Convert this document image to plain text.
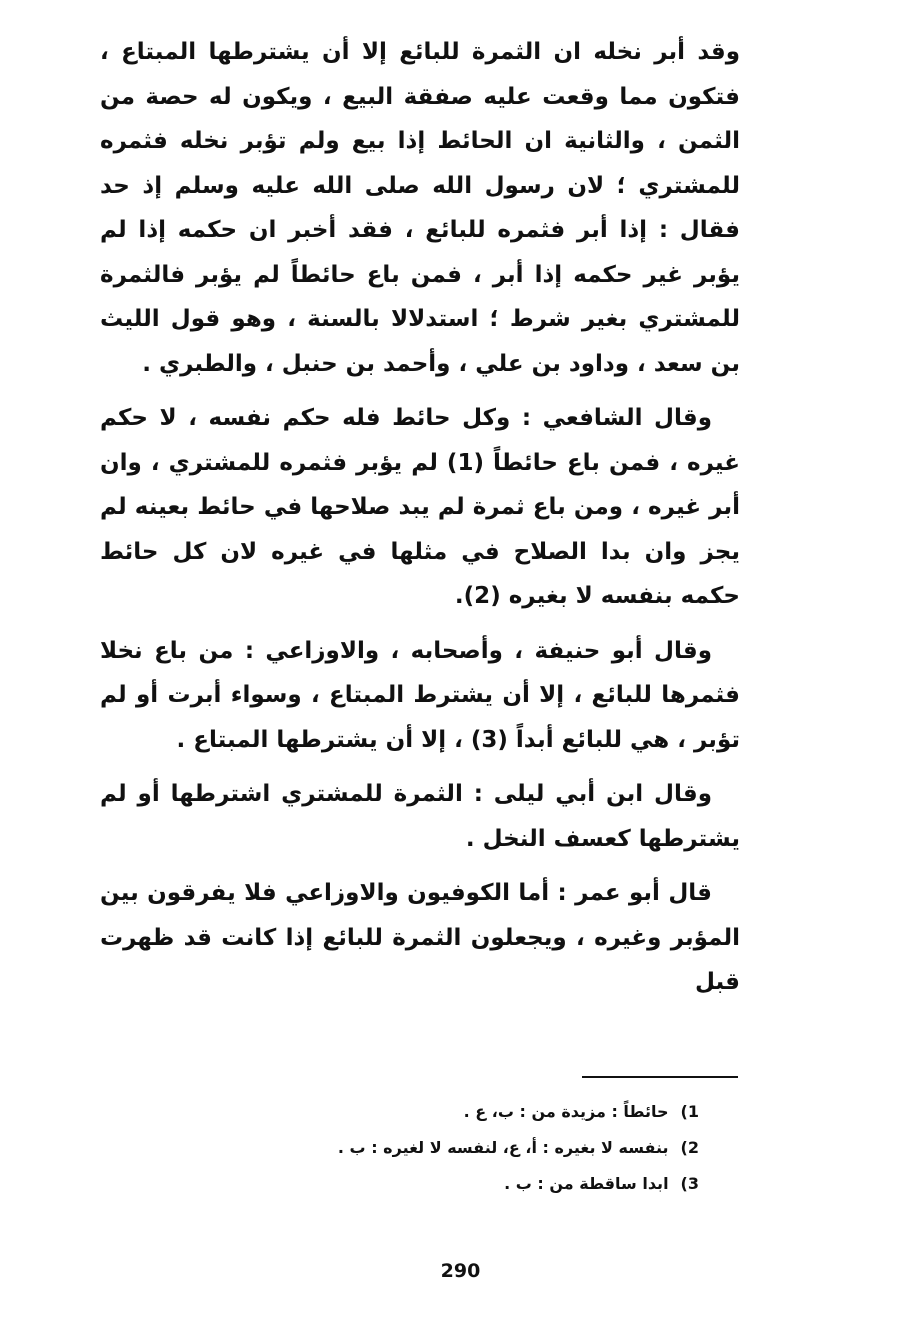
وقد أبر نخله ان الثمرة للبائع إلا أن يشترطها المبتاع ، فتكون مما وقعت عليه صفقة البيع ، ويكون له حصة من الثمن ، والثانية ان الحائط إذا بيع ولم تؤبر نخله فثمره للمشتري ؛ لان رسول الله صلى الله عليه وسلم إذ حد فقال : إذا أبر فثمره للبائع ، فقد أخبر ان حكمه إذا لم يؤبر غير حكمه إذا أبر ، فمن باع حائطاً لم يؤبر فالثمرة للمشتري بغير شرط ؛ استدلالا بالسنة ، وهو قول الليث بن سعد ، وداود بن علي ، وأحمد بن حنبل ، والطبري .

وقال الشافعي : وكل حائط فله حكم نفسه ، لا حكم غيره ، فمن باع حائطاً (1) لم يؤبر فثمره للمشتري ، وان أبر غيره ، ومن باع ثمرة لم يبد صلاحها في حائط بعينه لم يجز وان بدا الصلاح في مثلها في غيره لان كل حائط حكمه بنفسه لا بغيره (2).

وقال أبو حنيفة ، وأصحابه ، والاوزاعي : من باع نخلا فثمرها للبائع ، إلا أن يشترط المبتاع ، وسواء أبرت أو لم تؤبر ، هي للبائع أبداً (3) ، إلا أن يشترطها المبتاع .

وقال ابن أبي ليلى : الثمرة للمشتري اشترطها أو لم يشترطها كعسف النخل .

قال أبو عمر : أما الكوفيون والاوزاعي فلا يفرقون بين المؤبر وغيره ، ويجعلون الثمرة للبائع إذا كانت قد ظهرت قبل

1)حائطاً : مزيدة من : ب، ع .
2)بنفسه لا بغيره : أ، ع، لنفسه لا لغيره : ب .
3)ابدا ساقطة من : ب .
290
